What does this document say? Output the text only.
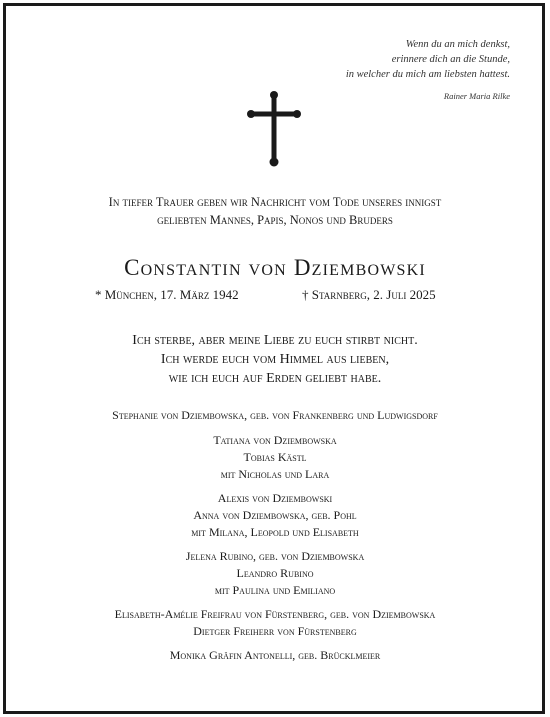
Wenn du an mich denkst,
erinnere dich an die Stunde,
in welcher du mich am liebsten hattest.
Rainer Maria Rilke
In tiefer Trauer geben wir Nachricht vom Tode unseres innigst
geliebten Mannes, Papis, Nonos und Bruders
Constantin von Dziembowski
* München, 17. März 1942	† Starnberg, 2. Juli 2025
Ich sterbe, aber meine Liebe zu euch stirbt nicht.
Ich werde euch vom Himmel aus lieben,
wie ich euch auf Erden geliebt habe.
Stephanie von Dziembowska, geb. von Frankenberg und Ludwigsdorf
Tatiana von Dziembowska
Tobias Kästl
mit Nicholas und Lara
Alexis von Dziembowski
Anna von Dziembowska, geb. Pohl
mit Milana, Leopold und Elisabeth
Jelena Rubino, geb. von Dziembowska
Leandro Rubino
mit Paulina und Emiliano
Elisabeth-Amélie Freifrau von Fürstenberg, geb. von Dziembowska
Dietger Freiherr von Fürstenberg
Monika Gräfin Antonelli, geb. Brücklmeier
